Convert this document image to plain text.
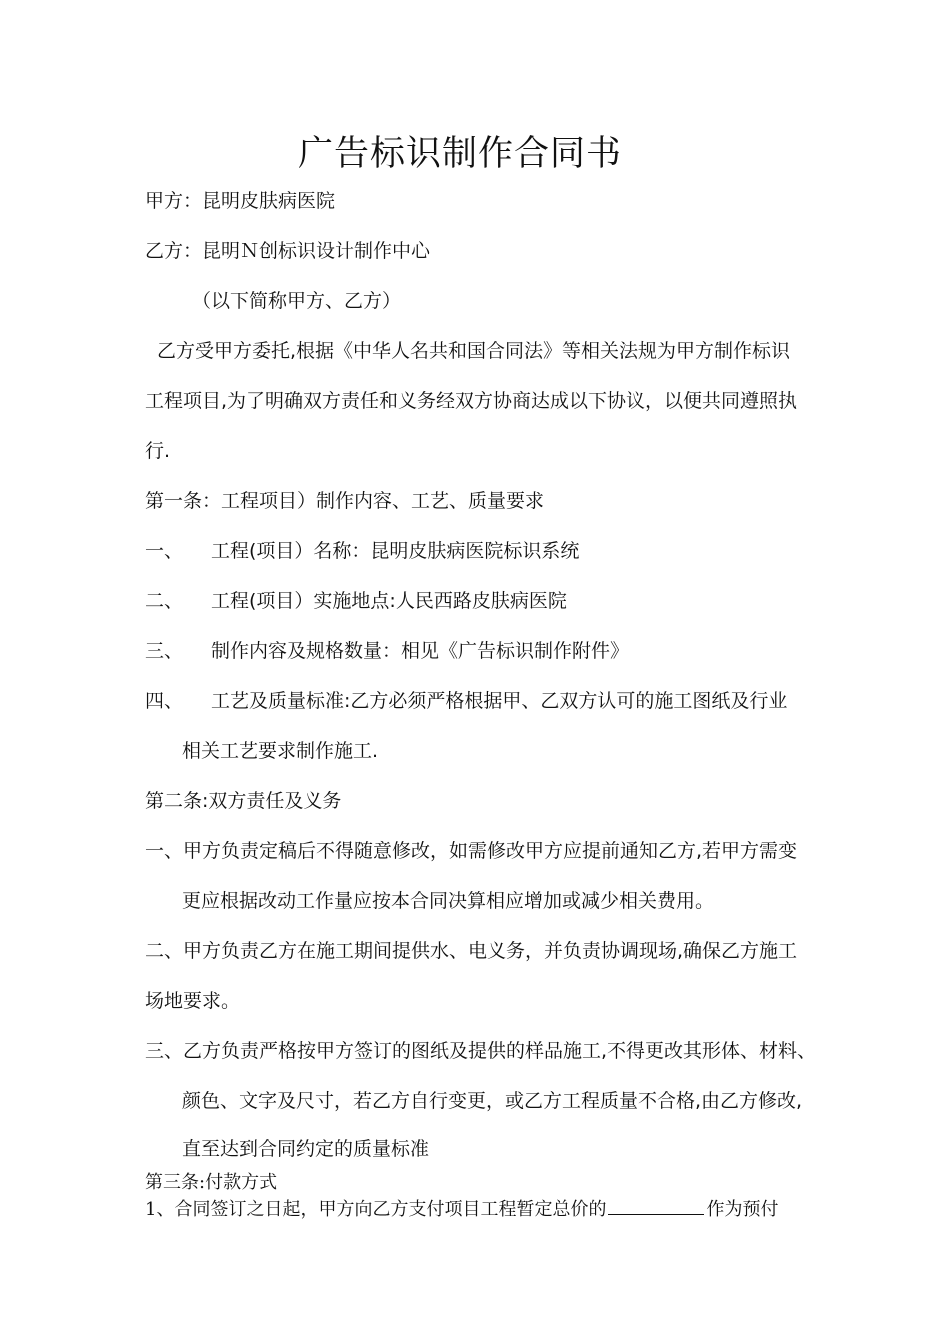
广告标识制作合同书
甲方：昆明皮肤病医院
乙方：昆明Ｎ创标识设计制作中心
（以下简称甲方、乙方）
乙方受甲方委托,根据《中华人名共和国合同法》等相关法规为甲方制作标识
工程项目,为了明确双方责任和义务经双方协商达成以下协议，以便共同遵照执
行.
第一条：工程项目）制作内容、工艺、质量要求
一、 工程(项目）名称：昆明皮肤病医院标识系统
二、 工程(项目）实施地点:人民西路皮肤病医院
三、 制作内容及规格数量：相见《广告标识制作附件》
四、 工艺及质量标准:乙方必须严格根据甲、乙双方认可的施工图纸及行业
相关工艺要求制作施工.
第二条:双方责任及义务
一、甲方负责定稿后不得随意修改，如需修改甲方应提前通知乙方,若甲方需变
更应根据改动工作量应按本合同决算相应增加或减少相关费用。
二、甲方负责乙方在施工期间提供水、电义务，并负责协调现场,确保乙方施工
场地要求。
三、乙方负责严格按甲方签订的图纸及提供的样品施工,不得更改其形体、材料、
颜色、文字及尺寸，若乙方自行变更，或乙方工程质量不合格,由乙方修改,
直至达到合同约定的质量标准
第三条:付款方式
1、合同签订之日起，甲方向乙方支付项目工程暂定总价的	作为预付
